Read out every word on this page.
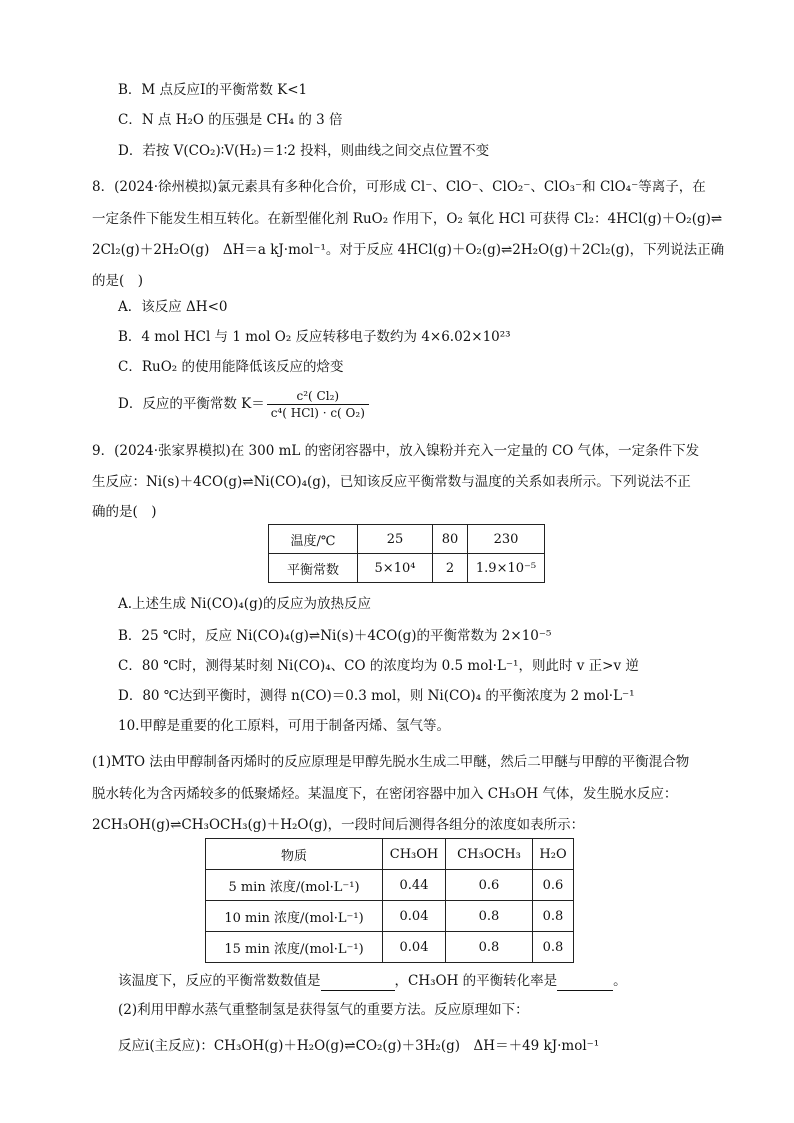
B．M 点反应Ⅰ的平衡常数 K<1
C．N 点 H₂O 的压强是 CH₄ 的 3 倍
D．若按 V(CO₂)∶V(H₂)＝1∶2 投料，则曲线之间交点位置不变
8．(2024·徐州模拟)氯元素具有多种化合价，可形成 Cl⁻、ClO⁻、ClO₂⁻、ClO₃⁻和 ClO₄⁻等离子，在
一定条件下能发生相互转化。在新型催化剂 RuO₂ 作用下，O₂ 氧化 HCl 可获得 Cl₂：4HCl(g)＋O₂(g)⇌
2Cl₂(g)＋2H₂O(g)　ΔH＝a kJ·mol⁻¹。对于反应 4HCl(g)＋O₂(g)⇌2H₂O(g)＋2Cl₂(g)，下列说法正确
的是(　)
A．该反应 ΔH<0
B．4 mol HCl 与 1 mol O₂ 反应转移电子数约为 4×6.02×10²³
C．RuO₂ 的使用能降低该反应的焓变
D．反应的平衡常数 $K= \frac{\text{c²( Cl₂)}}{\text{c⁴( HCl) · c( O₂)}}$
9．(2024·张家界模拟)在 300 mL 的密闭容器中，放入镍粉并充入一定量的 CO 气体，一定条件下发
生反应：Ni(s)＋4CO(g)⇌Ni(CO)₄(g)，已知该反应平衡常数与温度的关系如表所示。下列说法不正
确的是(　)
温度/℃	25	80	230
平衡常数	5×10⁴	2	1.9×10⁻⁵
A.上述生成 Ni(CO)₄(g)的反应为放热反应
B．25 ℃时，反应 Ni(CO)₄(g)⇌Ni(s)＋4CO(g)的平衡常数为 2×10⁻⁵
C．80 ℃时，测得某时刻 Ni(CO)₄、CO 的浓度均为 0.5 mol·L⁻¹，则此时 v 正>v 逆
D．80 ℃达到平衡时，测得 n(CO)＝0.3 mol，则 Ni(CO)₄ 的平衡浓度为 2 mol·L⁻¹
10.甲醇是重要的化工原料，可用于制备丙烯、氢气等。
(1)MTO 法由甲醇制备丙烯时的反应原理是甲醇先脱水生成二甲醚，然后二甲醚与甲醇的平衡混合物
脱水转化为含丙烯较多的低聚烯烃。某温度下，在密闭容器中加入 CH₃OH 气体，发生脱水反应：
2CH₃OH(g)⇌CH₃OCH₃(g)＋H₂O(g)，一段时间后测得各组分的浓度如表所示：
物质	CH₃OH	CH₃OCH₃	H₂O
5 min 浓度/(mol·L⁻¹)	0.44	0.6	0.6
10 min 浓度/(mol·L⁻¹)	0.04	0.8	0.8
15 min 浓度/(mol·L⁻¹)	0.04	0.8	0.8
该温度下，反应的平衡常数数值是	，CH₃OH 的平衡转化率是	。
(2)利用甲醇水蒸气重整制氢是获得氢气的重要方法。反应原理如下：
反应ⅰ(主反应)：CH₃OH(g)＋H₂O(g)⇌CO₂(g)＋3H₂(g)　ΔH＝＋49 kJ·mol⁻¹
